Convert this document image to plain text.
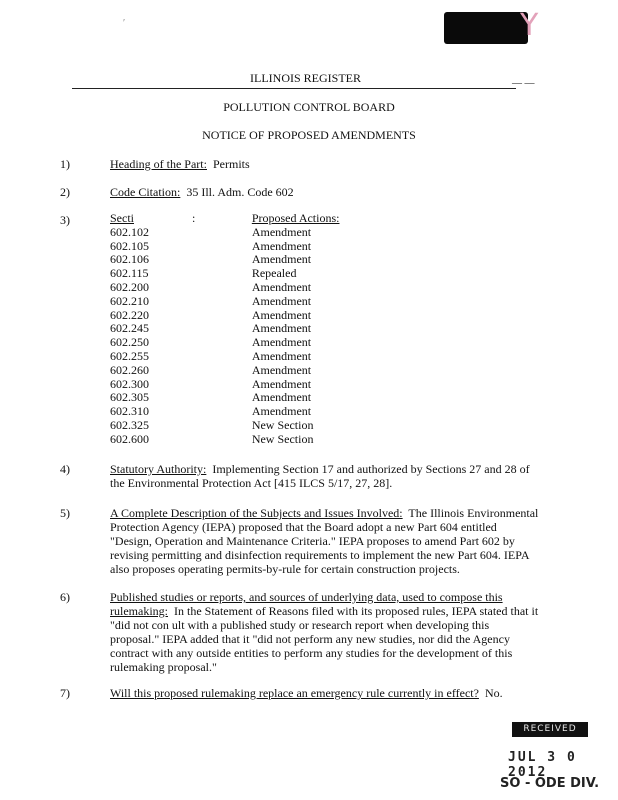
′	Y
ILLINOIS REGISTER	— —
POLLUTION CONTROL BOARD
NOTICE OF PROPOSED AMENDMENTS
1)	Heading of the Part: Permits
2)	Code Citation: 35 Ill. Adm. Code 602
3)	Secti	:	Proposed Actions:
602.102	Amendment
602.105	Amendment
602.106	Amendment
602.115	Repealed
602.200	Amendment
602.210	Amendment
602.220	Amendment
602.245	Amendment
602.250	Amendment
602.255	Amendment
602.260	Amendment
602.300	Amendment
602.305	Amendment
602.310	Amendment
602.325	New Section
602.600	New Section
4)	Statutory Authority: Implementing Section 17 and authorized by Sections 27 and 28 of
the Environmental Protection Act [415 ILCS 5/17, 27, 28].
5)	A Complete Description of the Subjects and Issues Involved: The Illinois Environmental
Protection Agency (IEPA) proposed that the Board adopt a new Part 604 entitled
"Design, Operation and Maintenance Criteria." IEPA proposes to amend Part 602 by
revising permitting and disinfection requirements to implement the new Part 604. IEPA
also proposes operating permits-by-rule for certain construction projects.
6)	Published studies or reports, and sources of underlying data, used to compose this
rulemaking: In the Statement of Reasons filed with its proposed rules, IEPA stated that it
"did not con ult with a published study or research report when developing this
proposal." IEPA added that it "did not perform any new studies, nor did the Agency
contract with any outside entities to perform any studies for the development of this
rulemaking proposal."
7)	Will this proposed rulemaking replace an emergency rule currently in effect? No.
RECEIVED
JUL 3 0 2012
SO - ODE DIV.
